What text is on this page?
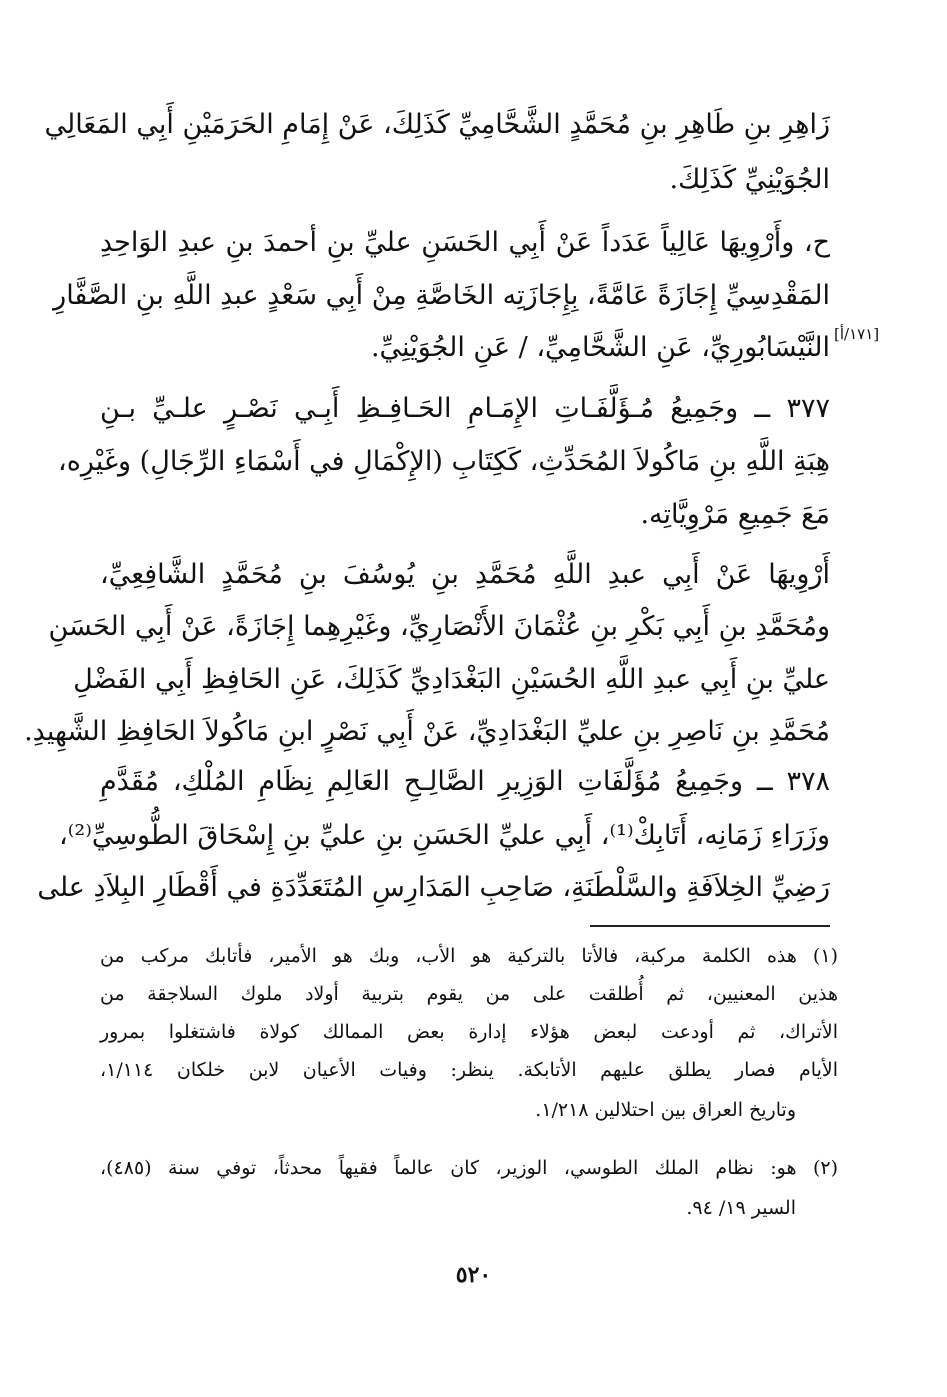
زَاهِرِ بنِ طَاهِرِ بنِ مُحَمَّدٍ الشَّحَّامِيِّ كَذَلِكَ، عَنْ إِمَامِ الحَرَمَيْنِ أَبِي المَعَالِي
الجُوَيْنِيِّ كَذَلِكَ.
ح، وأَرْوِيهَا عَالِياً عَدَداً عَنْ أَبِي الحَسَنِ عليِّ بنِ أحمدَ بنِ عبدِ الوَاحِدِ
المَقْدِسِيِّ إِجَازَةً عَامَّةً، بِإِجَازَتِه الخَاصَّةِ مِنْ أَبِي سَعْدٍ عبدِ اللَّهِ بنِ الصَّفَّارِ
النَّيْسَابُورِيِّ، عَنِ الشَّحَّامِيِّ، / عَنِ الجُوَيْنِيِّ. [١٧١/أ]
٣٧٧ ــ وجَمِيعُ مُـؤَلَّفَـاتِ الإِمَـامِ الحَـافِـظِ أَبِـي نَصْـرٍ علـيِّ بـنِ
هِبَةِ اللَّهِ بنِ مَاكُولاَ المُحَدِّثِ، كَكِتَابِ (الإِكْمَالِ في أَسْمَاءِ الرِّجَالِ) وغَيْرِه،
مَعَ جَمِيعِ مَرْوِيَّاتِه.
أَرْوِيهَا عَنْ أَبِي عبدِ اللَّهِ مُحَمَّدِ بنِ يُوسُفَ بنِ مُحَمَّدٍ الشَّافِعِيِّ،
ومُحَمَّدِ بنِ أَبِي بَكْرِ بنِ عُثْمَانَ الأَنْصَارِيِّ، وغَيْرِهِما إِجَازَةً، عَنْ أَبِي الحَسَنِ
عليِّ بنِ أَبِي عبدِ اللَّهِ الحُسَيْنِ البَغْدَادِيِّ كَذَلِكَ، عَنِ الحَافِظِ أَبِي الفَضْلِ
مُحَمَّدِ بنِ نَاصِرِ بنِ عليِّ البَغْدَادِيِّ، عَنْ أَبِي نَصْرٍ ابنِ مَاكُولاَ الحَافِظِ الشَّهِيدِ.
٣٧٨ ــ وجَمِيعُ مُؤَلَّفَاتِ الوَزِيرِ الصَّالِـحِ العَالِمِ نِظَامِ المُلْكِ، مُقَدَّمِ
وزَرَاءِ زَمَانِه، أَتَابِكْ⁽¹⁾، أَبِي عليِّ الحَسَنِ بنِ عليِّ بنِ إِسْحَاقَ الطُّوسِيِّ⁽²⁾،
رَضِيِّ الخِلاَفَةِ والسَّلْطَنَةِ، صَاحِبِ المَدَارِسِ المُتَعَدِّدَةِ في أَقْطَارِ البِلاَدِ على
(١) هذه الكلمة مركبة، فالأتا بالتركية هو الأب، وبك هو الأمير، فأتابك مركب من
هذين المعنيين، ثم أُطلقت على من يقوم بتربية أولاد ملوك السلاجقة من
الأتراك، ثم أودعت لبعض هؤلاء إدارة بعض الممالك كولاة فاشتغلوا بمرور
الأيام فصار يطلق عليهم الأتابكة. ينظر: وفيات الأعيان لابن خلكان ١/١١٤،
وتاريخ العراق بين احتلالين ١/٢١٨.
(٢) هو: نظام الملك الطوسي، الوزير، كان عالماً فقيهاً محدثاً، توفي سنة (٤٨٥)،
السير ١٩/ ٩٤.
٥٢٠
